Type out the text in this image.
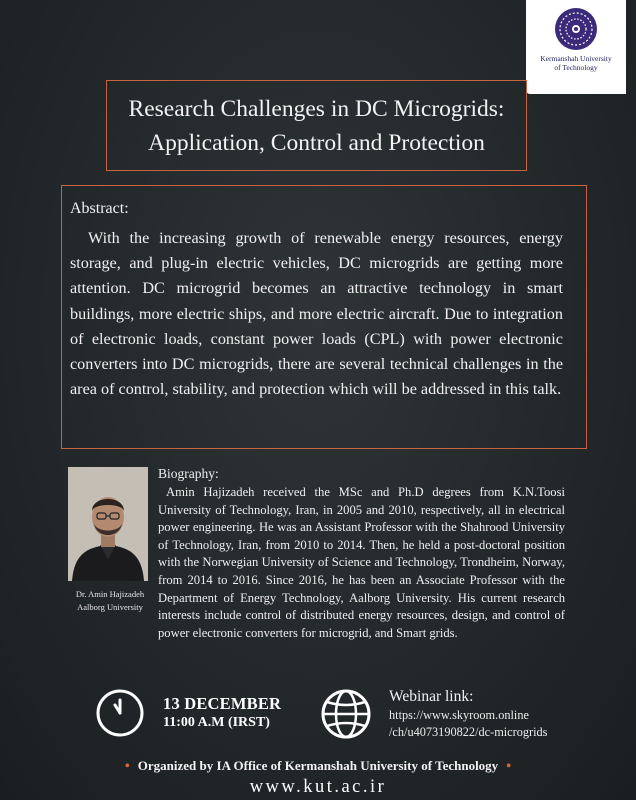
Kermanshah University
of Technology
Research Challenges in DC Microgrids:
Application, Control and Protection
Abstract:
With the increasing growth of renewable energy resources, energy storage, and plug-in electric vehicles, DC microgrids are getting more attention. DC microgrid becomes an attractive technology in smart buildings, more electric ships, and more electric aircraft. Due to integration of electronic loads, constant power loads (CPL) with power electronic converters into DC microgrids, there are several technical challenges in the area of control, stability, and protection which will be addressed in this talk.
Dr. Amin Hajizadeh
Aalborg University
Biography:
Amin Hajizadeh received the MSc and Ph.D degrees from K.N.Toosi University of Technology, Iran, in 2005 and 2010, respectively, all in electrical power engineering. He was an Assistant Professor with the Shahrood University of Technology, Iran, from 2010 to 2014. Then, he held a post-doctoral position with the Norwegian University of Science and Technology, Trondheim, Norway, from 2014 to 2016. Since 2016, he has been an Associate Professor with the Department of Energy Technology, Aalborg University. His current research interests include control of distributed energy resources, design, and control of power electronic converters for microgrid, and Smart grids.
13 DECEMBER
11:00 A.M (IRST)
Webinar link:
https://www.skyroom.online
/ch/u4073190822/dc-microgrids
• Organized by IA Office of Kermanshah University of Technology •
www.kut.ac.ir
